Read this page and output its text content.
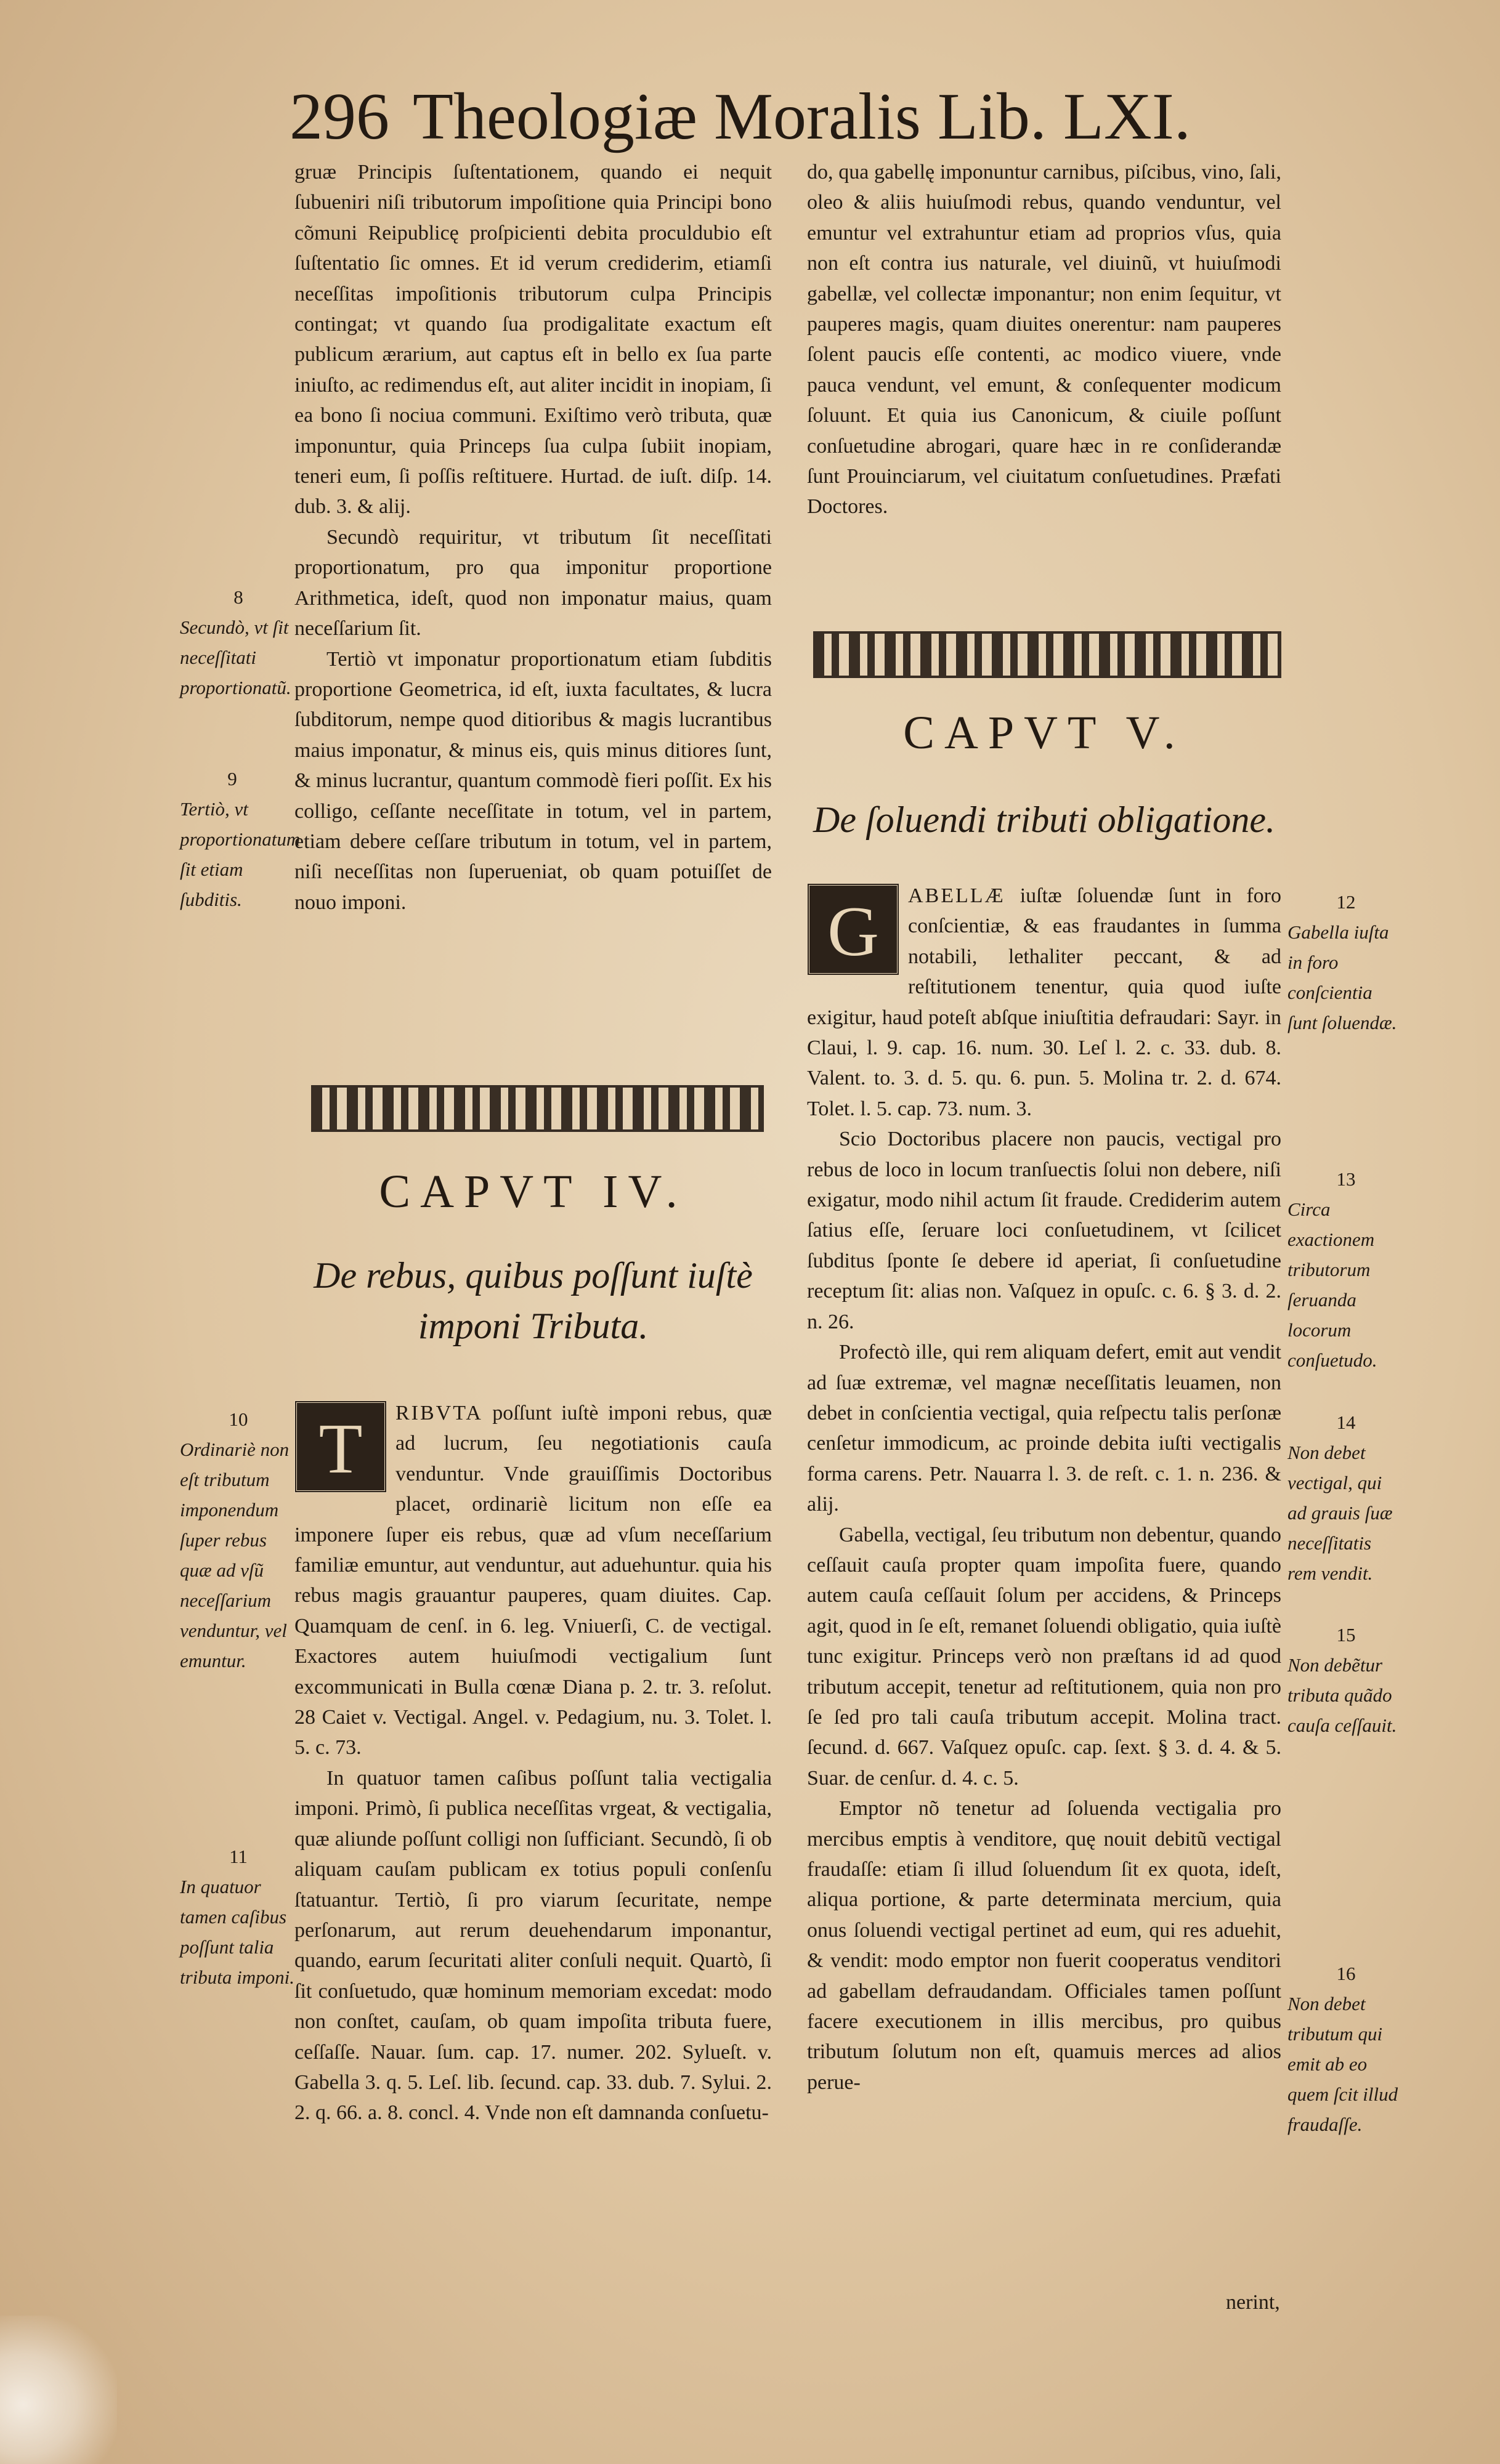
296 Theologiæ Moralis Lib. LXI.
8
Secundò, vt ſit neceſſitati proportionatũ.
9
Tertiò, vt proportionatum ſit etiam ſubditis.
10
Ordinariè non eſt tributum imponendum ſuper rebus quæ ad vſũ neceſſarium venduntur, vel emuntur.
11
In quatuor tamen caſibus poſſunt talia tributa imponi.

gruæ Principis ſuſtentationem, quando ei nequit ſubueniri niſi tributorum impoſitione quia Principi bono cõmuni Reipublicę proſpicienti debita proculdubio eſt ſuſtentatio ſic omnes. Et id verum crediderim, etiamſi neceſſitas impoſitionis tributorum culpa Principis contingat; vt quando ſua prodigalitate exactum eſt publicum ærarium, aut captus eſt in bello ex ſua parte iniuſto, ac redimendus eſt, aut aliter incidit in inopiam, ſi ea bono ſi nociua communi. Exiſtimo verò tributa, quæ imponuntur, quia Princeps ſua culpa ſubiit inopiam, teneri eum, ſi poſſis reſtituere. Hurtad. de iuſt. diſp. 14. dub. 3. & alij.

Secundò requiritur, vt tributum ſit neceſſitati proportionatum, pro qua imponitur proportione Arithmetica, ideſt, quod non imponatur maius, quam neceſſarium ſit.

Tertiò vt imponatur proportionatum etiam ſubditis proportione Geometrica, id eſt, iuxta facultates, & lucra ſubditorum, nempe quod ditioribus & magis lucrantibus maius imponatur, & minus eis, quis minus ditiores ſunt, & minus lucrantur, quantum commodè fieri poſſit. Ex his colligo, ceſſante neceſſitate in totum, vel in partem, etiam debere ceſſare tributum in totum, vel in partem, niſi neceſſitas non ſuperueniat, ob quam potuiſſet de nouo imponi.

CAPVT IV.
De rebus, quibus poſſunt iuſtè imponi Tributa.

T	RIBVTA poſſunt iuſtè imponi rebus, quæ ad lucrum, ſeu negotiationis cauſa venduntur. Vnde grauiſſimis Doctoribus placet, ordinariè licitum non eſſe ea imponere ſuper eis rebus, quæ ad vſum neceſſarium familiæ emuntur, aut venduntur, aut aduehuntur. quia his rebus magis grauantur pauperes, quam diuites. Cap. Quamquam de cenſ. in 6. leg. Vniuerſi, C. de vectigal. Exactores autem huiuſmodi vectigalium ſunt excommunicati in Bulla cœnæ Diana p. 2. tr. 3. reſolut. 28 Caiet v. Vectigal. Angel. v. Pedagium, nu. 3. Tolet. l. 5. c. 73.

In quatuor tamen caſibus poſſunt talia vectigalia imponi. Primò, ſi publica neceſſitas vrgeat, & vectigalia, quæ aliunde poſſunt colligi non ſufficiant. Secundò, ſi ob aliquam cauſam publicam ex totius populi conſenſu ſtatuantur. Tertiò, ſi pro viarum ſecuritate, nempe perſonarum, aut rerum deuehendarum imponantur, quando, earum ſecuritati aliter conſuli nequit. Quartò, ſi ſit conſuetudo, quæ hominum memoriam excedat: modo non conſtet, cauſam, ob quam impoſita tributa fuere, ceſſaſſe. Nauar. ſum. cap. 17. numer. 202. Sylueſt. v. Gabella 3. q. 5. Leſ. lib. ſecund. cap. 33. dub. 7. Sylui. 2. 2. q. 66. a. 8. concl. 4. Vnde non eſt damnanda conſuetu-

do, qua gabellę imponuntur carnibus, piſcibus, vino, ſali, oleo & aliis huiuſmodi rebus, quando venduntur, vel emuntur vel extrahuntur etiam ad proprios vſus, quia non eſt contra ius naturale, vel diuinũ, vt huiuſmodi gabellæ, vel collectæ imponantur; non enim ſequitur, vt pauperes magis, quam diuites onerentur: nam pauperes ſolent paucis eſſe contenti, ac modico viuere, vnde pauca vendunt, vel emunt, & conſequenter modicum ſoluunt. Et quia ius Canonicum, & ciuile poſſunt conſuetudine abrogari, quare hæc in re conſiderandæ ſunt Prouinciarum, vel ciuitatum conſuetudines. Præfati Doctores.

CAPVT V.
De ſoluendi tributi obligatione.

G	ABELLÆ iuſtæ ſoluendæ ſunt in foro conſcientiæ, & eas fraudantes in ſumma notabili, lethaliter peccant, & ad reſtitutionem tenentur, quia quod iuſte exigitur, haud poteſt abſque iniuſtitia defraudari: Sayr. in Claui, l. 9. cap. 16. num. 30. Leſ l. 2. c. 33. dub. 8. Valent. to. 3. d. 5. qu. 6. pun. 5. Molina tr. 2. d. 674. Tolet. l. 5. cap. 73. num. 3.

Scio Doctoribus placere non paucis, vectigal pro rebus de loco in locum tranſuectis ſolui non debere, niſi exigatur, modo nihil actum ſit fraude. Crediderim autem ſatius eſſe, ſeruare loci conſuetudinem, vt ſcilicet ſubditus ſponte ſe debere id aperiat, ſi conſuetudine receptum ſit: alias non. Vaſquez in opuſc. c. 6. § 3. d. 2. n. 26.

Profectò ille, qui rem aliquam defert, emit aut vendit ad ſuæ extremæ, vel magnæ neceſſitatis leuamen, non debet in conſcientia vectigal, quia reſpectu talis perſonæ cenſetur immodicum, ac proinde debita iuſti vectigalis forma carens. Petr. Nauarra l. 3. de reſt. c. 1. n. 236. & alij.

Gabella, vectigal, ſeu tributum non debentur, quando ceſſauit cauſa propter quam impoſita fuere, quando autem cauſa ceſſauit ſolum per accidens, & Princeps agit, quod in ſe eſt, remanet ſoluendi obligatio, quia iuſtè tunc exigitur. Princeps verò non præſtans id ad quod tributum accepit, tenetur ad reſtitutionem, quia non pro ſe ſed pro tali cauſa tributum accepit. Molina tract. ſecund. d. 667. Vaſquez opuſc. cap. ſext. § 3. d. 4. & 5. Suar. de cenſur. d. 4. c. 5.

Emptor nõ tenetur ad ſoluenda vectigalia pro mercibus emptis à venditore, quę nouit debitũ vectigal fraudaſſe: etiam ſi illud ſoluendum ſit ex quota, ideſt, aliqua portione, & parte determinata mercium, quia onus ſoluendi vectigal pertinet ad eum, qui res aduehit, & vendit: modo emptor non fuerit cooperatus venditori ad gabellam defraudandam. Officiales tamen poſſunt facere executionem in illis mercibus, pro quibus tributum ſolutum non eſt, quamuis merces ad alios perue-

nerint,
12
Gabella iuſta in foro conſcientia ſunt ſoluendæ.
13
Circa exactionem tributorum ſeruanda locorum conſuetudo.
14
Non debet vectigal, qui ad grauis ſuæ neceſſitatis rem vendit.
15
Non debẽtur tributa quãdo cauſa ceſſauit.
16
Non debet tributum qui emit ab eo quem ſcit illud fraudaſſe.
